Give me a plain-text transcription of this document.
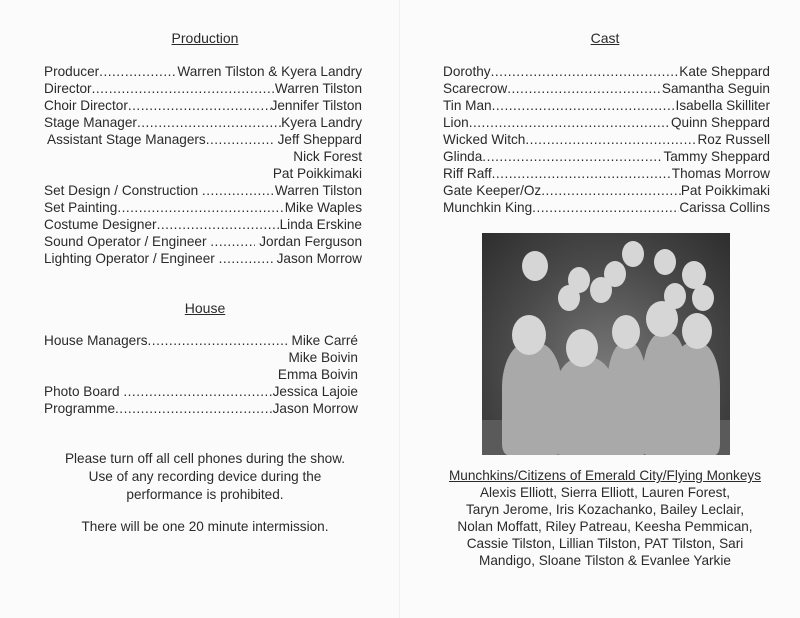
Production
Producer .....	Warren Tilston & Kyera Landry
Director .....	Warren Tilston
Choir Director .....	Jennifer Tilston
Stage Manager .....	Kyera Landry
Assistant Stage Managers .....	Jeff Sheppard
Nick Forest
Pat Poikkimaki
Set Design / Construction .....	Warren Tilston
Set Painting .....	Mike Waples
Costume Designer .....	Linda Erskine
Sound Operator / Engineer .....	Jordan Ferguson
Lighting Operator / Engineer .....	Jason Morrow
House
House Managers .....	Mike Carré
Mike Boivin
Emma Boivin
Photo Board .....	Jessica Lajoie
Programme .....	Jason Morrow
Please turn off all cell phones during the show.
Use of any recording device during the
performance is prohibited.
There will be one 20 minute intermission.
Cast
Dorothy .....	Kate Sheppard
Scarecrow .....	Samantha Seguin
Tin Man .....	Isabella Skilliter
Lion .....	Quinn Sheppard
Wicked Witch .....	Roz Russell
Glinda .....	Tammy Sheppard
Riff Raff .....	Thomas Morrow
Gate Keeper/Oz .....	Pat Poikkimaki
Munchkin King .....	Carissa Collins
Munchkins/Citizens of Emerald City/Flying Monkeys
Alexis Elliott, Sierra Elliott, Lauren Forest,
Taryn Jerome, Iris Kozachanko, Bailey Leclair,
Nolan Moffatt, Riley Patreau, Keesha Pemmican,
Cassie Tilston, Lillian Tilston, PAT Tilston, Sari
Mandigo, Sloane Tilston & Evanlee Yarkie
